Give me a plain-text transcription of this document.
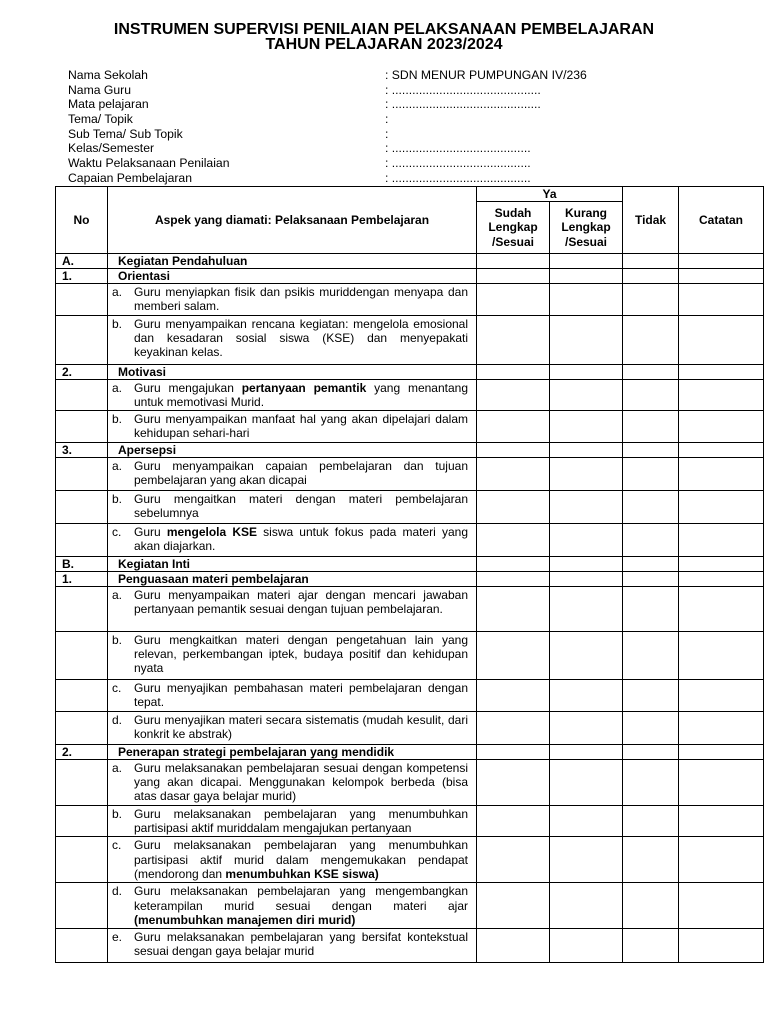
INSTRUMEN SUPERVISI PENILAIAN PELAKSANAAN PEMBELAJARAN
TAHUN PELAJARAN 2023/2024
Nama Sekolah	: SDN MENUR PUMPUNGAN IV/236
Nama Guru	: ............................................
Mata pelajaran	: ............................................
Tema/ Topik	:
Sub Tema/ Sub Topik	:
Kelas/Semester	: .........................................
Waktu Pelaksanaan Penilaian	: .........................................
Capaian Pembelajaran	: .........................................
No	Aspek yang diamati: Pelaksanaan Pembelajaran	Ya		Tidak	Catatan
		Sudah Lengkap /Sesuai	Kurang Lengkap /Sesuai		
A.	Kegiatan Pendahuluan				
1.	Orientasi				

	a. Guru menyiapkan fisik dan psikis muriddengan menyapa dan memberi salam.				

	b. Guru menyampaikan rencana kegiatan: mengelola emosional dan kesadaran sosial siswa (KSE) dan menyepakati keyakinan kelas.				

2.	Motivasi				

	a. Guru mengajukan pertanyaan pemantik yang menantang untuk memotivasi Murid.				

	b. Guru menyampaikan manfaat hal yang akan dipelajari dalam kehidupan sehari-hari				

3.	Apersepsi				

	a. Guru menyampaikan capaian pembelajaran dan tujuan pembelajaran yang akan dicapai				

	b. Guru mengaitkan materi dengan materi pembelajaran sebelumnya				

	c. Guru mengelola KSE siswa untuk fokus pada materi yang akan diajarkan.				

B.	Kegiatan Inti				
1.	Penguasaan materi pembelajaran				

	a. Guru menyampaikan materi ajar dengan mencari jawaban pertanyaan pemantik sesuai dengan tujuan pembelajaran.				

	b. Guru mengkaitkan materi dengan pengetahuan lain yang relevan, perkembangan iptek, budaya positif dan kehidupan nyata				

	c. Guru menyajikan pembahasan materi pembelajaran dengan tepat.				

	d. Guru menyajikan materi secara sistematis (mudah kesulit, dari konkrit ke abstrak)				

2.	Penerapan strategi pembelajaran yang mendidik				

	a. Guru melaksanakan pembelajaran sesuai dengan kompetensi yang akan dicapai. Menggunakan kelompok berbeda (bisa atas dasar gaya belajar murid)				

	b. Guru melaksanakan pembelajaran yang menumbuhkan partisipasi aktif muriddalam mengajukan pertanyaan				

	c. Guru melaksanakan pembelajaran yang menumbuhkan partisipasi aktif murid dalam mengemukakan pendapat (mendorong dan menumbuhkan KSE siswa)				

	d. Guru melaksanakan pembelajaran yang mengembangkan keterampilan murid sesuai dengan materi ajar (menumbuhkan manajemen diri murid)				

	e. Guru melaksanakan pembelajaran yang bersifat kontekstual sesuai dengan gaya belajar murid				
